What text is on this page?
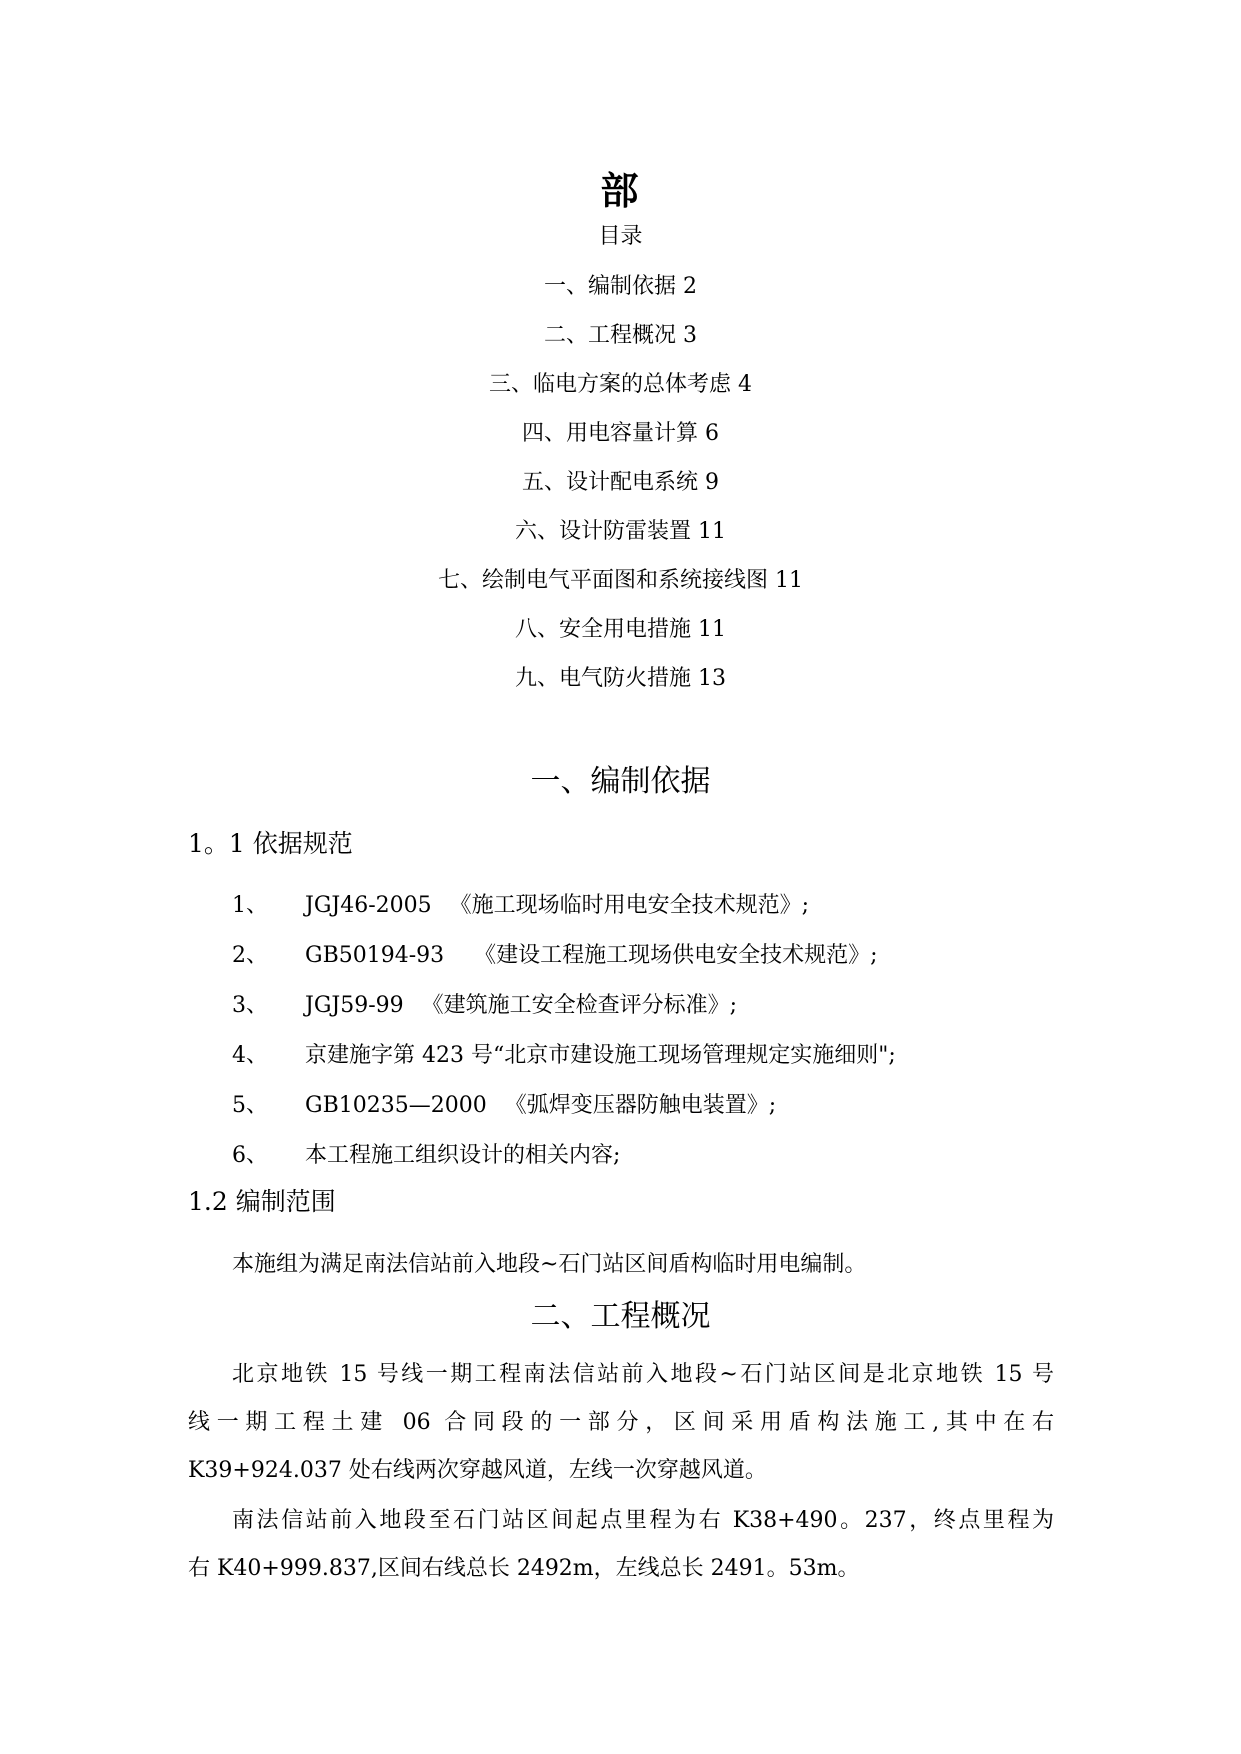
部
目录
一、编制依据 2
二、工程概况 3
三、临电方案的总体考虑 4
四、用电容量计算 6
五、设计配电系统 9
六、设计防雷装置 11
七、绘制电气平面图和系统接线图 11
八、安全用电措施 11
九、电气防火措施 13
一、编制依据
1。1 依据规范
1、 JGJ46-2005 《施工现场临时用电安全技术规范》;
2、 GB50194-93 《建设工程施工现场供电安全技术规范》;
3、 JGJ59-99 《建筑施工安全检查评分标准》;
4、 京建施字第 423 号“北京市建设施工现场管理规定实施细则";
5、 GB10235—2000 《弧焊变压器防触电装置》;
6、 本工程施工组织设计的相关内容;
1.2 编制范围
本施组为满足南法信站前入地段~石门站区间盾构临时用电编制。
二、工程概况
北京地铁 15 号线一期工程南法信站前入地段~石门站区间是北京地铁 15 号
线一期工程土建 06 合同段的一部分，区间采用盾构法施工,其中在右
K39+924.037 处右线两次穿越风道，左线一次穿越风道。
南法信站前入地段至石门站区间起点里程为右 K38+490。237，终点里程为
右 K40+999.837,区间右线总长 2492m，左线总长 2491。53m。
